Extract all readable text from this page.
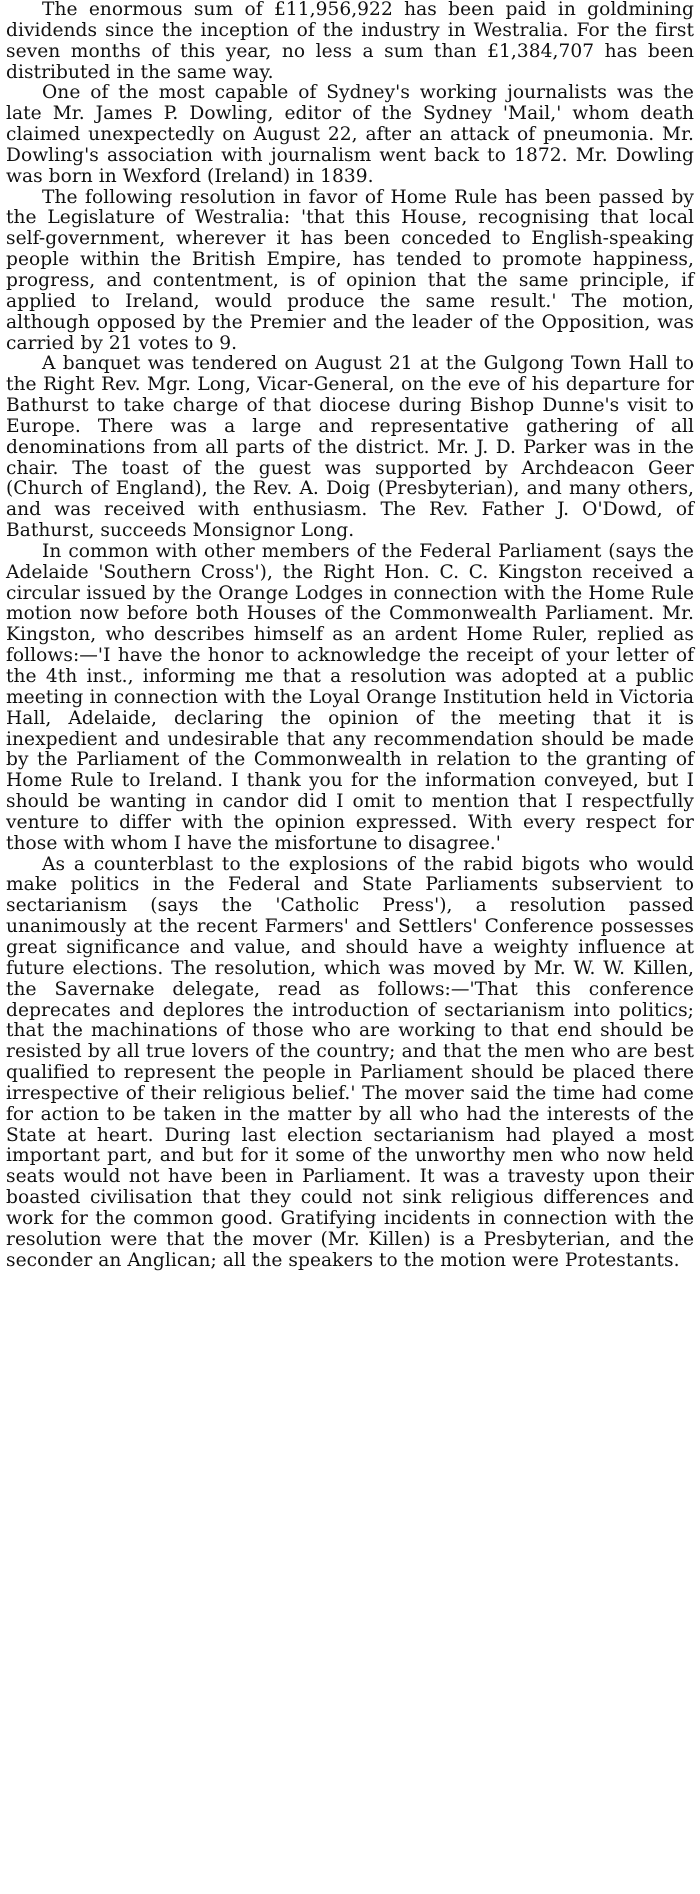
The enormous sum of £11,956,922 has been paid in goldmining dividends since the inception of the industry in Westralia. For the first seven months of this year, no less a sum than £1,384,707 has been distributed in the same way.

One of the most capable of Sydney's working journalists was the late Mr. James P. Dowling, editor of the Sydney 'Mail,' whom death claimed unexpectedly on August 22, after an attack of pneumonia. Mr. Dowling's association with journalism went back to 1872. Mr. Dowling was born in Wexford (Ireland) in 1839.

The following resolution in favor of Home Rule has been passed by the Legislature of Westralia: 'that this House, recognising that local self-government, wherever it has been conceded to English-speaking people within the British Empire, has tended to promote happiness, progress, and contentment, is of opinion that the same principle, if applied to Ireland, would produce the same result.' The motion, although opposed by the Premier and the leader of the Opposition, was carried by 21 votes to 9.

A banquet was tendered on August 21 at the Gulgong Town Hall to the Right Rev. Mgr. Long, Vicar-General, on the eve of his departure for Bathurst to take charge of that diocese during Bishop Dunne's visit to Europe. There was a large and representative gathering of all denominations from all parts of the district. Mr. J. D. Parker was in the chair. The toast of the guest was supported by Archdeacon Geer (Church of England), the Rev. A. Doig (Presbyterian), and many others, and was received with enthusiasm. The Rev. Father J. O'Dowd, of Bathurst, succeeds Monsignor Long.

In common with other members of the Federal Parliament (says the Adelaide 'Southern Cross'), the Right Hon. C. C. Kingston received a circular issued by the Orange Lodges in connection with the Home Rule motion now before both Houses of the Commonwealth Parliament. Mr. Kingston, who describes himself as an ardent Home Ruler, replied as follows:—'I have the honor to acknowledge the receipt of your letter of the 4th inst., informing me that a resolution was adopted at a public meeting in connection with the Loyal Orange Institution held in Victoria Hall, Adelaide, declaring the opinion of the meeting that it is inexpedient and undesirable that any recommendation should be made by the Parliament of the Commonwealth in relation to the granting of Home Rule to Ireland. I thank you for the information conveyed, but I should be wanting in candor did I omit to mention that I respectfully venture to differ with the opinion expressed. With every respect for those with whom I have the misfortune to disagree.'

As a counterblast to the explosions of the rabid bigots who would make politics in the Federal and State Parliaments subservient to sectarianism (says the 'Catholic Press'), a resolution passed unanimously at the recent Farmers' and Settlers' Conference possesses great significance and value, and should have a weighty influence at future elections. The resolution, which was moved by Mr. W. W. Killen, the Savernake delegate, read as follows:—'That this conference deprecates and deplores the introduction of sectarianism into politics; that the machinations of those who are working to that end should be resisted by all true lovers of the country; and that the men who are best qualified to represent the people in Parliament should be placed there irrespective of their religious belief.' The mover said the time had come for action to be taken in the matter by all who had the interests of the State at heart. During last election sectarianism had played a most important part, and but for it some of the unworthy men who now held seats would not have been in Parliament. It was a travesty upon their boasted civilisation that they could not sink religious differences and work for the common good. Gratifying incidents in connection with the resolution were that the mover (Mr. Killen) is a Presbyterian, and the seconder an Anglican; all the speakers to the motion were Protestants.
